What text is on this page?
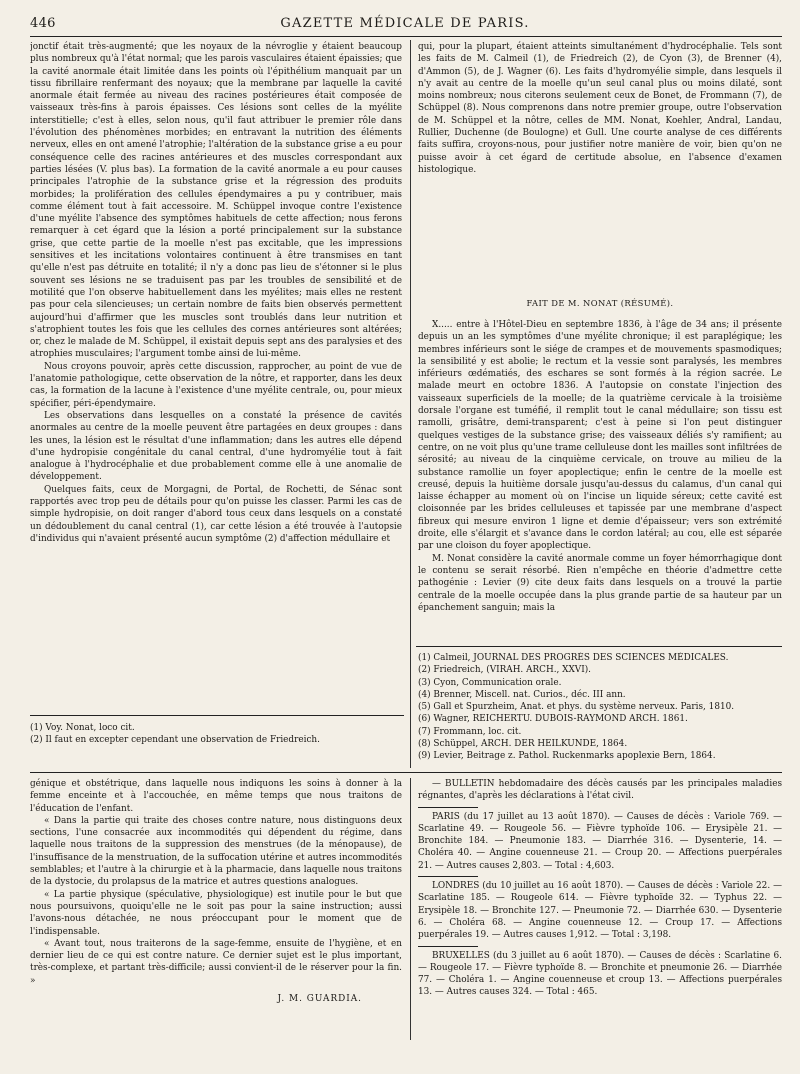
446	GAZETTE MÉDICALE DE PARIS.

jonctif était très-augmenté; que les noyaux de la névroglie y étaient beaucoup plus nombreux qu'à l'état normal; que les parois vasculaires étaient épaissies; que la cavité anormale était limitée dans les points où l'épithélium manquait par un tissu fibrillaire renfermant des noyaux; que la membrane par laquelle la cavité anormale était fermée au niveau des racines postérieures était composée de vaisseaux très-fins à parois épaisses. Ces lésions sont celles de la myélite interstitielle; c'est à elles, selon nous, qu'il faut attribuer le premier rôle dans l'évolution des phénomènes morbides; en entravant la nutrition des éléments nerveux, elles en ont amené l'atrophie; l'altération de la substance grise a eu pour conséquence celle des racines antérieures et des muscles correspondant aux parties lésées (V. plus bas). La formation de la cavité anormale a eu pour causes principales l'atrophie de la substance grise et la régression des produits morbides; la prolifération des cellules épendymaires a pu y contribuer, mais comme élément tout à fait accessoire. M. Schüppel invoque contre l'existence d'une myélite l'absence des symptômes habituels de cette affection; nous ferons remarquer à cet égard que la lésion a porté principalement sur la substance grise, que cette partie de la moelle n'est pas excitable, que les impressions sensitives et les incitations volontaires continuent à être transmises en tant qu'elle n'est pas détruite en totalité; il n'y a donc pas lieu de s'étonner si le plus souvent ses lésions ne se traduisent pas par les troubles de sensibilité et de motilité que l'on observe habituellement dans les myélites; mais elles ne restent pas pour cela silencieuses; un certain nombre de faits bien observés permettent aujourd'hui d'affirmer que les muscles sont troublés dans leur nutrition et s'atrophient toutes les fois que les cellules des cornes antérieures sont altérées; or, chez le malade de M. Schüppel, il existait depuis sept ans des paralysies et des atrophies musculaires; l'argument tombe ainsi de lui-même.

Nous croyons pouvoir, après cette discussion, rapprocher, au point de vue de l'anatomie pathologique, cette observation de la nôtre, et rapporter, dans les deux cas, la formation de la lacune à l'existence d'une myélite centrale, ou, pour mieux spécifier, péri-épendymaire.

Les observations dans lesquelles on a constaté la présence de cavités anormales au centre de la moelle peuvent être partagées en deux groupes : dans les unes, la lésion est le résultat d'une inflammation; dans les autres elle dépend d'une hydropisie congénitale du canal central, d'une hydromyélie tout à fait analogue à l'hydrocéphalie et due probablement comme elle à une anomalie de développement.

Quelques faits, ceux de Morgagni, de Portal, de Rochetti, de Sénac sont rapportés avec trop peu de détails pour qu'on puisse les classer. Parmi les cas de simple hydropisie, on doit ranger d'abord tous ceux dans lesquels on a constaté un dédoublement du canal central (1), car cette lésion a été trouvée à l'autopsie d'individus qui n'avaient présenté aucun symptôme (2) d'affection médullaire et

(1) Voy. Nonat, loco cit.

(2) Il faut en excepter cependant une observation de Friedreich.

qui, pour la plupart, étaient atteints simultanément d'hydrocéphalie. Tels sont les faits de M. Calmeil (1), de Friedreich (2), de Cyon (3), de Brenner (4), d'Ammon (5), de J. Wagner (6). Les faits d'hydromyélie simple, dans lesquels il n'y avait au centre de la moelle qu'un seul canal plus ou moins dilaté, sont moins nombreux; nous citerons seulement ceux de Bonet, de Frommann (7), de Schüppel (8). Nous comprenons dans notre premier groupe, outre l'observation de M. Schüppel et la nôtre, celles de MM. Nonat, Koehler, Andral, Landau, Rullier, Duchenne (de Boulogne) et Gull. Une courte analyse de ces différents faits suffira, croyons-nous, pour justifier notre manière de voir, bien qu'on ne puisse avoir à cet égard de certitude absolue, en l'absence d'examen histologique.

FAIT DE M. NONAT (RÉSUMÉ).

X..... entre à l'Hôtel-Dieu en septembre 1836, à l'âge de 34 ans; il présente depuis un an les symptômes d'une myélite chronique; il est paraplégique; les membres inférieurs sont le siége de crampes et de mouvements spasmodiques; la sensibilité y est abolie; le rectum et la vessie sont paralysés, les membres inférieurs œdématiés, des eschares se sont formés à la région sacrée. Le malade meurt en octobre 1836. A l'autopsie on constate l'injection des vaisseaux superficiels de la moelle; de la quatrième cervicale à la troisième dorsale l'organe est tuméfié, il remplit tout le canal médullaire; son tissu est ramolli, grisâtre, demi-transparent; c'est à peine si l'on peut distinguer quelques vestiges de la substance grise; des vaisseaux déliés s'y ramifient; au centre, on ne voit plus qu'une trame celluleuse dont les mailles sont infiltrées de sérosité; au niveau de la cinquième cervicale, on trouve au milieu de la substance ramollie un foyer apoplectique; enfin le centre de la moelle est creusé, depuis la huitième dorsale jusqu'au-dessus du calamus, d'un canal qui laisse échapper au moment où on l'incise un liquide séreux; cette cavité est cloisonnée par les brides celluleuses et tapissée par une membrane d'aspect fibreux qui mesure environ 1 ligne et demie d'épaisseur; vers son extrémité droite, elle s'élargit et s'avance dans le cordon latéral; au cou, elle est séparée par une cloison du foyer apoplectique.

M. Nonat considère la cavité anormale comme un foyer hémorrhagique dont le contenu se serait résorbé. Rien n'empêche en théorie d'admettre cette pathogénie : Levier (9) cite deux faits dans lesquels on a trouvé la partie centrale de la moelle occupée dans la plus grande partie de sa hauteur par un épanchement sanguin; mais la

(1) Calmeil, JOURNAL DES PROGRÈS DES SCIENCES MÉDICALES.

(2) Friedreich, (VIRAH. ARCH., XXVI).

(3) Cyon, Communication orale.

(4) Brenner, Miscell. nat. Curios., déc. III ann.

(5) Gall et Spurzheim, Anat. et phys. du système nerveux. Paris, 1810.

(6) Wagner, REICHERTU. DUBOIS-RAYMOND ARCH. 1861.

(7) Frommann, loc. cit.

(8) Schüppel, ARCH. DER HEILKUNDE, 1864.

(9) Levier, Beitrage z. Pathol. Ruckenmarks apoplexie Bern, 1864.

génique et obstétrique, dans laquelle nous indiquons les soins à donner à la femme enceinte et à l'accouchée, en même temps que nous traitons de l'éducation de l'enfant.

« Dans la partie qui traite des choses contre nature, nous distinguons deux sections, l'une consacrée aux incommodités qui dépendent du régime, dans laquelle nous traitons de la suppression des menstrues (de la ménopause), de l'insuffisance de la menstruation, de la suffocation utérine et autres incommodités semblables; et l'autre à la chirurgie et à la pharmacie, dans laquelle nous traitons de la dystocie, du prolapsus de la matrice et autres questions analogues.

« La partie physique (spéculative, physiologique) est inutile pour le but que nous poursuivons, quoiqu'elle ne le soit pas pour la saine instruction; aussi l'avons-nous détachée, ne nous préoccupant pour le moment que de l'indispensable.

« Avant tout, nous traiterons de la sage-femme, ensuite de l'hygiène, et en dernier lieu de ce qui est contre nature. Ce dernier sujet est le plus important, très-complexe, et partant très-difficile; aussi convient-il de le réserver pour la fin. »

J. M. GUARDIA.

— BULLETIN hebdomadaire des décès causés par les principales maladies régnantes, d'après les déclarations à l'état civil.

PARIS (du 17 juillet au 13 août 1870). — Causes de décès : Variole 769. — Scarlatine 49. — Rougeole 56. — Fièvre typhoïde 106. — Erysipèle 21. — Bronchite 184. — Pneumonie 183. — Diarrhée 316. — Dysenterie, 14. — Choléra 40. — Angine couenneuse 21. — Croup 20. — Affections puerpérales 21. — Autres causes 2,803. — Total : 4,603.

LONDRES (du 10 juillet au 16 août 1870). — Causes de décès : Variole 22. — Scarlatine 185. — Rougeole 614. — Fièvre typhoïde 32. — Typhus 22. — Erysipèle 18. — Bronchite 127. — Pneumonie 72. — Diarrhée 630. — Dysenterie 6. — Choléra 68. — Angine couenneuse 12. — Croup 17. — Affections puerpérales 19. — Autres causes 1,912. — Total : 3,198.

BRUXELLES (du 3 juillet au 6 août 1870). — Causes de décès : Scarlatine 6. — Rougeole 17. — Fièvre typhoïde 8. — Bronchite et pneumonie 26. — Diarrhée 77. — Choléra 1. — Angine couenneuse et croup 13. — Affections puerpérales 13. — Autres causes 324. — Total : 465.
